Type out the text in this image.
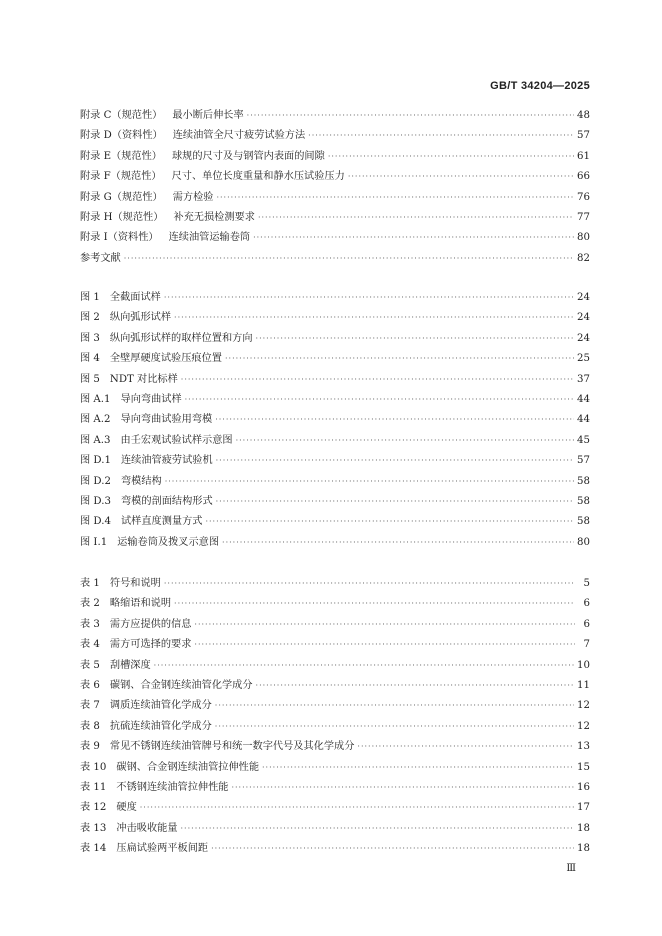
GB/T 34204—2025
附录 C（规范性） 最小断后伸长率 ·····	48
附录 D（资料性） 连续油管全尺寸疲劳试验方法 ·····	57
附录 E（规范性） 球规的尺寸及与钢管内表面的间隙 ·····	61
附录 F（规范性） 尺寸、单位长度重量和静水压试验压力 ·····	66
附录 G（规范性） 需方检验 ·····	76
附录 H（规范性） 补充无损检测要求 ·····	77
附录 I（资料性） 连续油管运输卷筒 ·····	80
参考文献 ·····	82
图 1 全截面试样 ·····	24
图 2 纵向弧形试样 ·····	24
图 3 纵向弧形试样的取样位置和方向 ·····	24
图 4 全壁厚硬度试验压痕位置 ·····	25
图 5 NDT 对比标样 ·····	37
图 A.1 导向弯曲试样 ·····	44
图 A.2 导向弯曲试验用弯模 ·····	44
图 A.3 由壬宏观试验试样示意图 ·····	45
图 D.1 连续油管疲劳试验机 ·····	57
图 D.2 弯模结构 ·····	58
图 D.3 弯模的剖面结构形式 ·····	58
图 D.4 试样直度测量方式 ·····	58
图 I.1 运输卷筒及拨叉示意图 ·····	80
表 1 符号和说明 ·····	5
表 2 略缩语和说明 ·····	6
表 3 需方应提供的信息 ·····	6
表 4 需方可选择的要求 ·····	7
表 5 刮槽深度 ·····	10
表 6 碳钢、合金钢连续油管化学成分 ·····	11
表 7 调质连续油管化学成分 ·····	12
表 8 抗硫连续油管化学成分 ·····	12
表 9 常见不锈钢连续油管牌号和统一数字代号及其化学成分 ·····	13
表 10 碳钢、合金钢连续油管拉伸性能 ·····	15
表 11 不锈钢连续油管拉伸性能 ·····	16
表 12 硬度 ·····	17
表 13 冲击吸收能量 ·····	18
表 14 压扁试验两平板间距 ·····	18
Ⅲ
